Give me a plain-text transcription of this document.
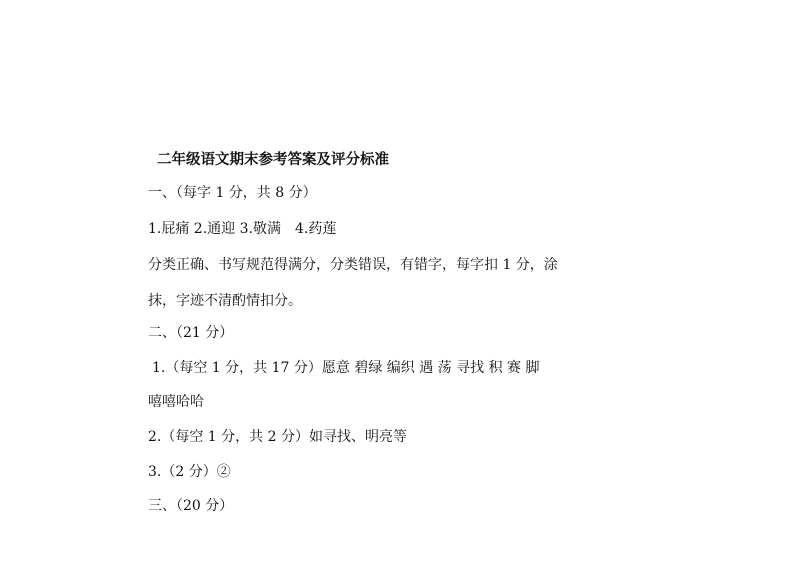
二年级语文期末参考答案及评分标准
一、（每字 1 分，共 8 分）
1.屁痛 2.通迎 3.敬满　4.药莲
分类正确、书写规范得满分，分类错误，有错字，每字扣 1 分，涂
抹，字迹不清酌情扣分。
二、（21 分）
1.（每空 1 分，共 17 分）愿意 碧绿 编织 遇 荡 寻找 积 赛 脚
嘻嘻哈哈
2.（每空 1 分，共 2 分）如寻找、明亮等
3.（2 分）②
三、（20 分）
